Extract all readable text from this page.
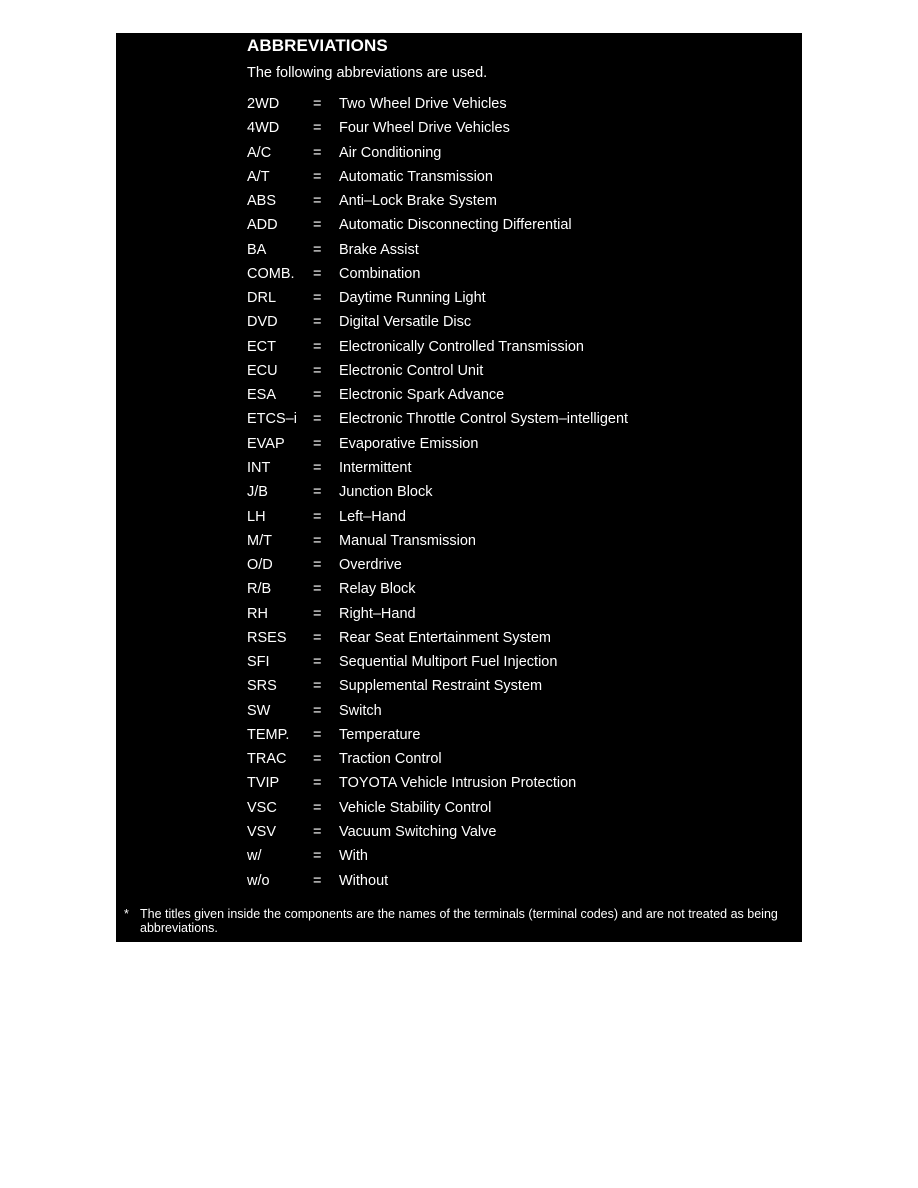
ABBREVIATIONS
The following abbreviations are used.
2WD = Two Wheel Drive Vehicles
4WD = Four Wheel Drive Vehicles
A/C	= Air Conditioning
A/T	= Automatic Transmission
ABS	= Anti–Lock Brake System
ADD = Automatic Disconnecting Differential
BA	= Brake Assist
COMB. = Combination
DRL	= Daytime Running Light
DVD = Digital Versatile Disc
ECT	= Electronically Controlled Transmission
ECU = Electronic Control Unit
ESA	= Electronic Spark Advance
ETCS–i = Electronic Throttle Control System–intelligent
EVAP = Evaporative Emission
INT	= Intermittent
J/B	= Junction Block
LH	= Left–Hand
M/T	= Manual Transmission
O/D	= Overdrive
R/B	= Relay Block
RH	= Right–Hand
RSES = Rear Seat Entertainment System
SFI	= Sequential Multiport Fuel Injection
SRS = Supplemental Restraint System
SW	= Switch
TEMP. = Temperature
TRAC = Traction Control
TVIP = TOYOTA Vehicle Intrusion Protection
VSC = Vehicle Stability Control
VSV	= Vacuum Switching Valve
w/	= With
w/o	= Without
* The titles given inside the components are the names of the terminals (terminal codes) and are not treated as being abbreviations.
